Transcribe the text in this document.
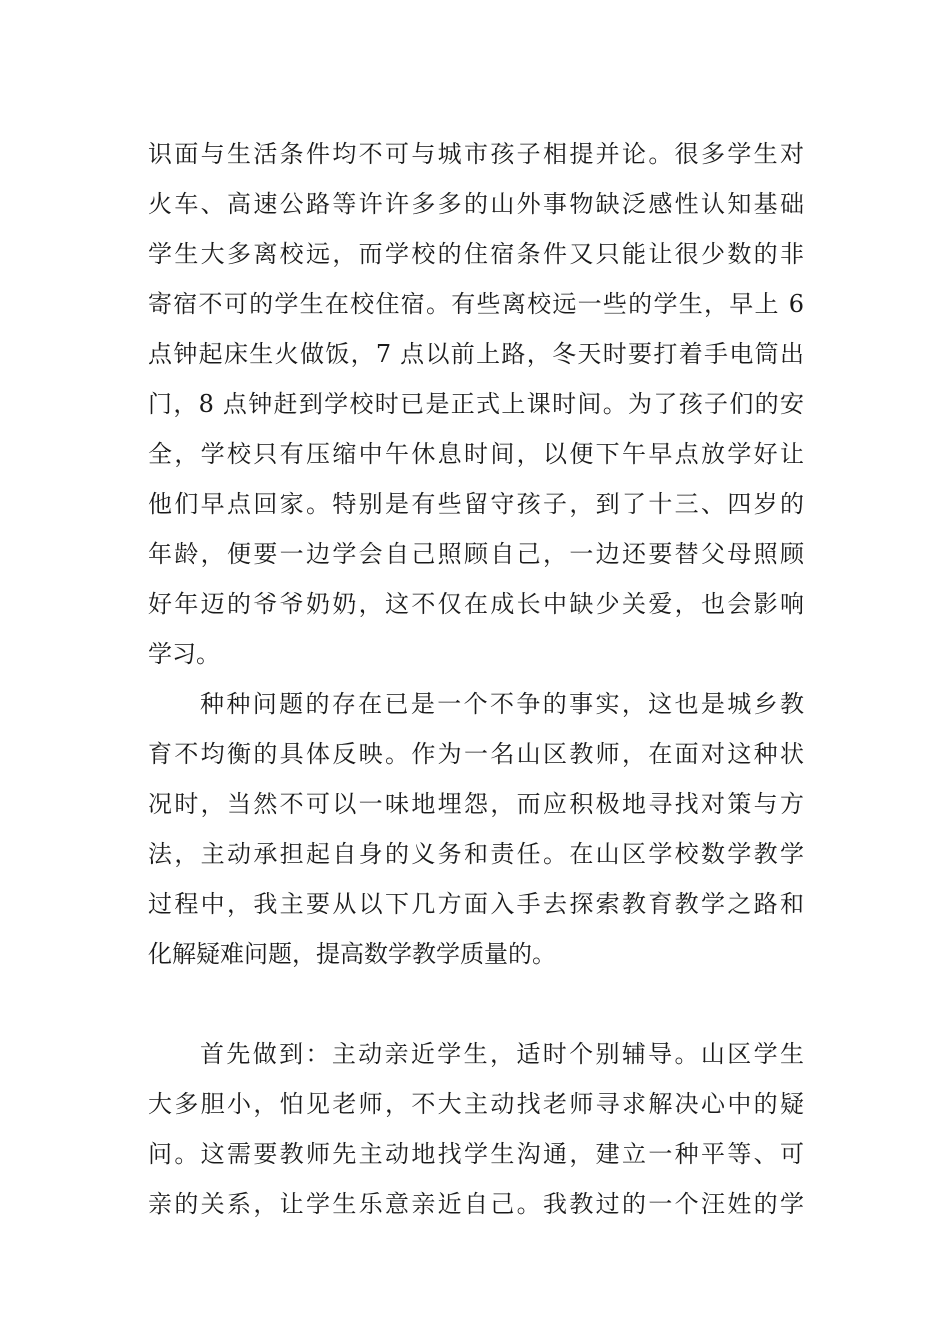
识面与生活条件均不可与城市孩子相提并论。很多学生对
火车、高速公路等许许多多的山外事物缺泛感性认知基础
学生大多离校远，而学校的住宿条件又只能让很少数的非
寄宿不可的学生在校住宿。有些离校远一些的学生，早上 6
点钟起床生火做饭，7 点以前上路，冬天时要打着手电筒出
门，8 点钟赶到学校时已是正式上课时间。为了孩子们的安
全，学校只有压缩中午休息时间，以便下午早点放学好让
他们早点回家。特别是有些留守孩子，到了十三、四岁的
年龄，便要一边学会自己照顾自己，一边还要替父母照顾
好年迈的爷爷奶奶，这不仅在成长中缺少关爱，也会影响
学习。
种种问题的存在已是一个不争的事实，这也是城乡教
育不均衡的具体反映。作为一名山区教师，在面对这种状
况时，当然不可以一味地埋怨，而应积极地寻找对策与方
法，主动承担起自身的义务和责任。在山区学校数学教学
过程中，我主要从以下几方面入手去探索教育教学之路和
化解疑难问题，提高数学教学质量的。
首先做到：主动亲近学生，适时个别辅导。山区学生
大多胆小，怕见老师，不大主动找老师寻求解决心中的疑
问。这需要教师先主动地找学生沟通，建立一种平等、可
亲的关系，让学生乐意亲近自己。我教过的一个汪姓的学
